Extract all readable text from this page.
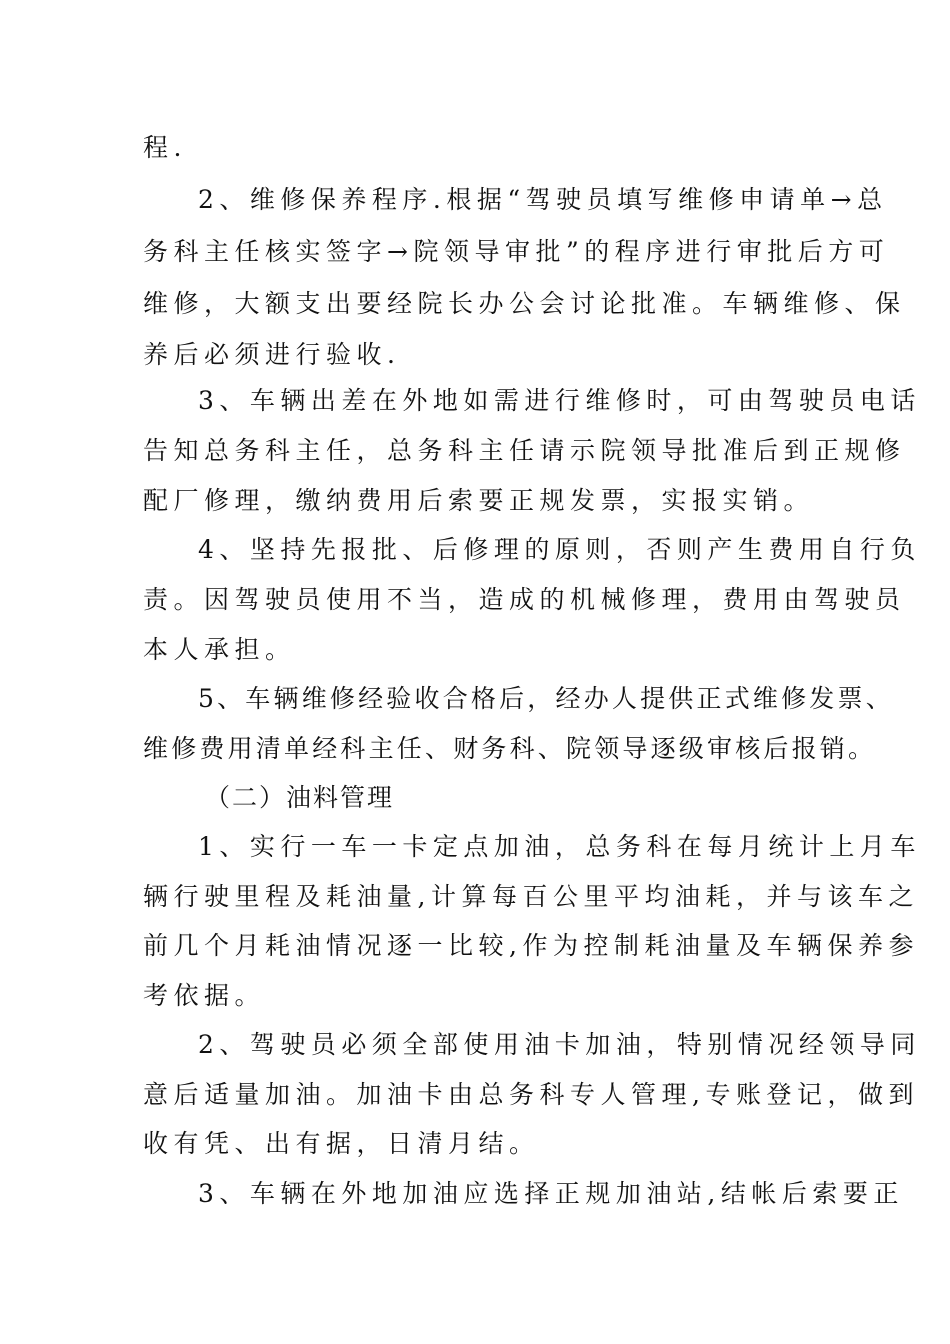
程.
2、维修保养程序.根据“驾驶员填写维修申请单→总
务科主任核实签字→院领导审批”的程序进行审批后方可
维修，大额支出要经院长办公会讨论批准。车辆维修、保
养后必须进行验收.
3、车辆出差在外地如需进行维修时，可由驾驶员电话
告知总务科主任，总务科主任请示院领导批准后到正规修
配厂修理，缴纳费用后索要正规发票，实报实销。
4、坚持先报批、后修理的原则，否则产生费用自行负
责。因驾驶员使用不当，造成的机械修理，费用由驾驶员
本人承担。
5、车辆维修经验收合格后，经办人提供正式维修发票、
维修费用清单经科主任、财务科、院领导逐级审核后报销。
（二）油料管理
1、实行一车一卡定点加油，总务科在每月统计上月车
辆行驶里程及耗油量,计算每百公里平均油耗，并与该车之
前几个月耗油情况逐一比较,作为控制耗油量及车辆保养参
考依据。
2、驾驶员必须全部使用油卡加油，特别情况经领导同
意后适量加油。加油卡由总务科专人管理,专账登记，做到
收有凭、出有据，日清月结。
3、车辆在外地加油应选择正规加油站,结帐后索要正
